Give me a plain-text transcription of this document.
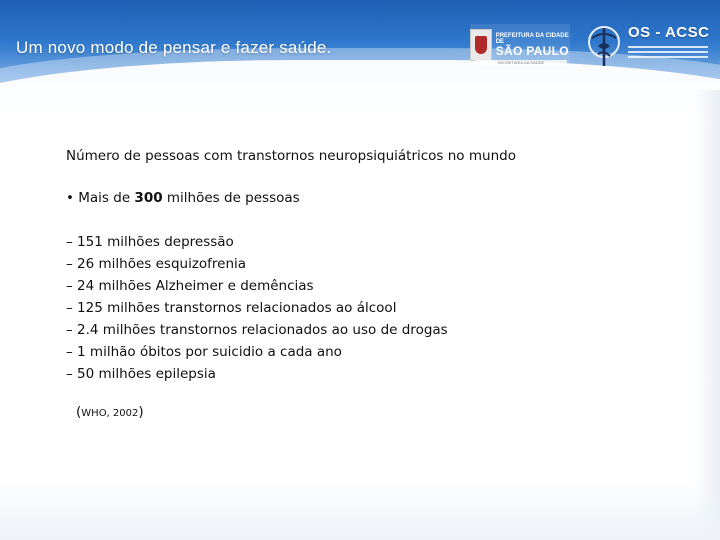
Um novo modo de pensar e fazer saúde.
PREFEITURA DA CIDADE DE
SÃO PAULO
SECRETARIA DA SAÚDE
OS - ACSC

Número de pessoas com transtornos neuropsiquiátricos no mundo

• Mais de 300 milhões de pessoas
– 151 milhões depressão
– 26 milhões esquizofrenia
– 24 milhões Alzheimer e demências
– 125 milhões transtornos relacionados ao álcool
– 2.4 milhões transtornos relacionados ao uso de drogas
– 1 milhão óbitos por suicidio a cada ano
– 50 milhões epilepsia
(WHO, 2002)
